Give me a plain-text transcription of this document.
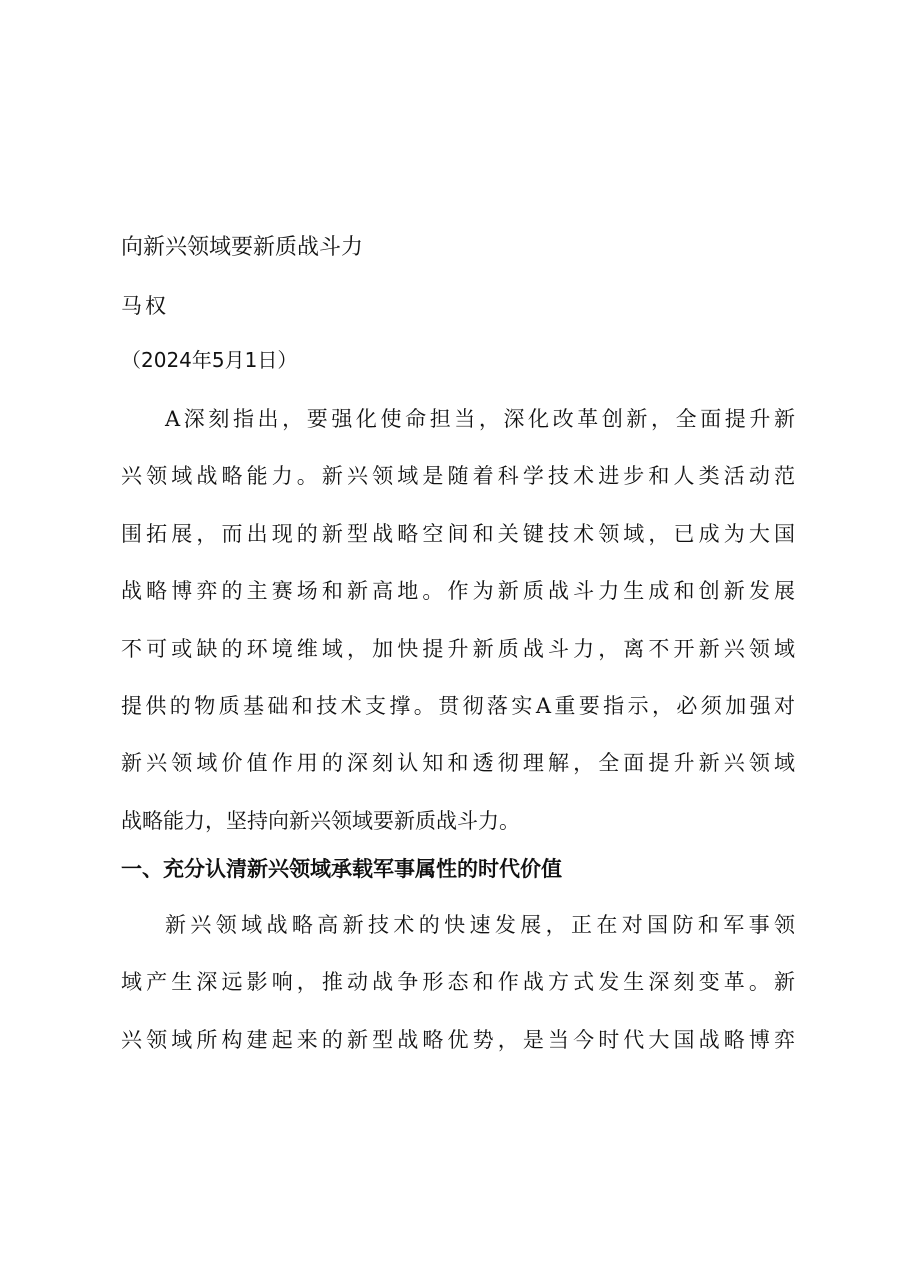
向新兴领域要新质战斗力
马权
（2024年5月1日）
A深刻指出，要强化使命担当，深化改革创新，全面提升新
兴领域战略能力。新兴领域是随着科学技术进步和人类活动范
围拓展，而出现的新型战略空间和关键技术领域，已成为大国
战略博弈的主赛场和新高地。作为新质战斗力生成和创新发展
不可或缺的环境维域，加快提升新质战斗力，离不开新兴领域
提供的物质基础和技术支撑。贯彻落实A重要指示，必须加强对
新兴领域价值作用的深刻认知和透彻理解，全面提升新兴领域
战略能力，坚持向新兴领域要新质战斗力。
一、充分认清新兴领域承载军事属性的时代价值
新兴领域战略高新技术的快速发展，正在对国防和军事领
域产生深远影响，推动战争形态和作战方式发生深刻变革。新
兴领域所构建起来的新型战略优势，是当今时代大国战略博弈
